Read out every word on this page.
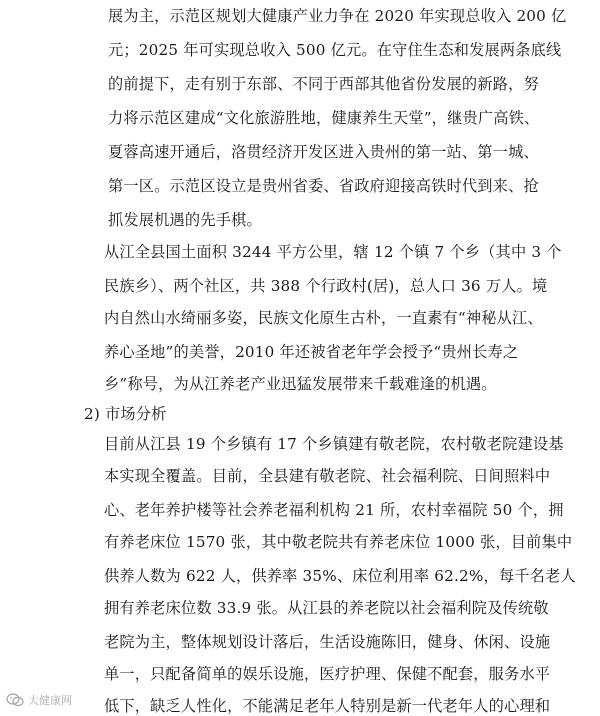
展为主，示范区规划大健康产业力争在 2020 年实现总收入 200 亿
元；2025 年可实现总收入 500 亿元。在守住生态和发展两条底线
的前提下，走有别于东部、不同于西部其他省份发展的新路，努
力将示范区建成“文化旅游胜地，健康养生天堂”，继贵广高铁、
夏蓉高速开通后，洛贯经济开发区进入贵州的第一站、第一城、
第一区。示范区设立是贵州省委、省政府迎接高铁时代到来、抢
抓发展机遇的先手棋。
从江全县国土面积 3244 平方公里，辖 12 个镇 7 个乡（其中 3 个
民族乡）、两个社区，共 388 个行政村(居)，总人口 36 万人。境
内自然山水绮丽多姿，民族文化原生古朴，一直素有“神秘从江、
养心圣地”的美誉，2010 年还被省老年学会授予“贵州长寿之
乡”称号，为从江养老产业迅猛发展带来千载难逢的机遇。
2) 市场分析
目前从江县 19 个乡镇有 17 个乡镇建有敬老院，农村敬老院建设基
本实现全覆盖。目前，全县建有敬老院、社会福利院、日间照料中
心、老年养护楼等社会养老福利机构 21 所，农村幸福院 50 个，拥
有养老床位 1570 张，其中敬老院共有养老床位 1000 张，目前集中
供养人数为 622 人，供养率 35%、床位利用率 62.2%，每千名老人
拥有养老床位数 33.9 张。从江县的养老院以社会福利院及传统敬
老院为主，整体规划设计落后，生活设施陈旧，健身、休闲、设施
单一，只配备简单的娱乐设施，医疗护理、保健不配套，服务水平
低下，缺乏人性化，不能满足老年人特别是新一代老年人的心理和
大健康网
